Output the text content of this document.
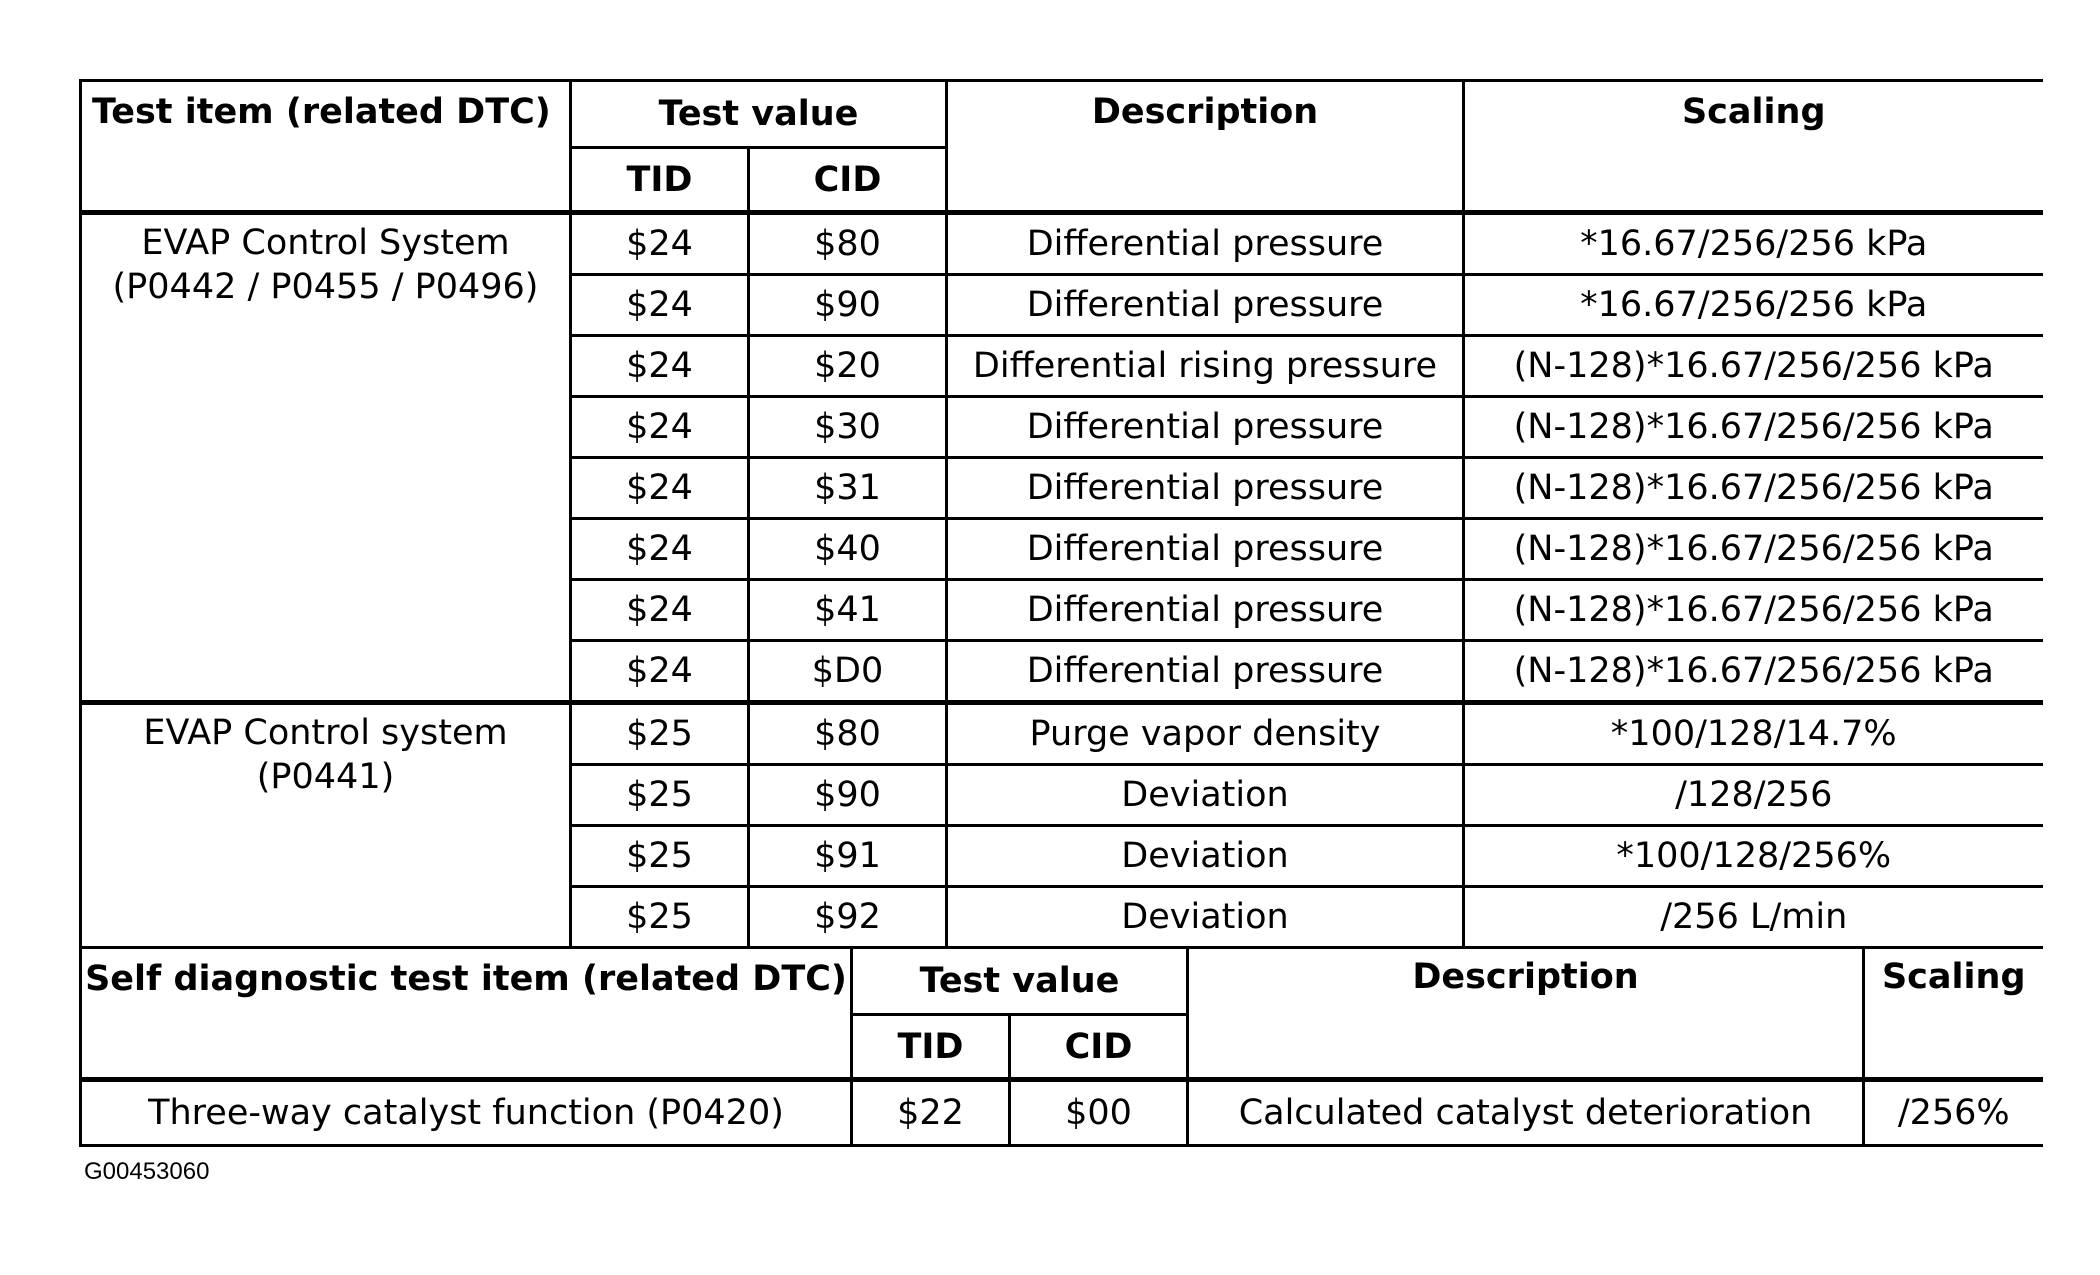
Test item (related DTC)	Test value		Description	Scaling
	TID	CID		

EVAP Control System
(P0442 / P0455 / P0496)	$24	$80	Differential pressure	*16.67/256/256 kPa
	$24	$90	Differential pressure	*16.67/256/256 kPa
	$24	$20	Differential rising pressure	(N-128)*16.67/256/256 kPa
	$24	$30	Differential pressure	(N-128)*16.67/256/256 kPa
	$24	$31	Differential pressure	(N-128)*16.67/256/256 kPa
	$24	$40	Differential pressure	(N-128)*16.67/256/256 kPa
	$24	$41	Differential pressure	(N-128)*16.67/256/256 kPa
	$24	$D0	Differential pressure	(N-128)*16.67/256/256 kPa

EVAP Control system
(P0441)	$25	$80	Purge vapor density	*100/128/14.7%
	$25	$90	Deviation	/128/256
	$25	$91	Deviation	*100/128/256%
	$25	$92	Deviation	/256 L/min
Self diagnostic test item (related DTC)	Test value		Description	Scaling
	TID	CID		
Three-way catalyst function (P0420)	$22	$00	Calculated catalyst deterioration	/256%
G00453060
